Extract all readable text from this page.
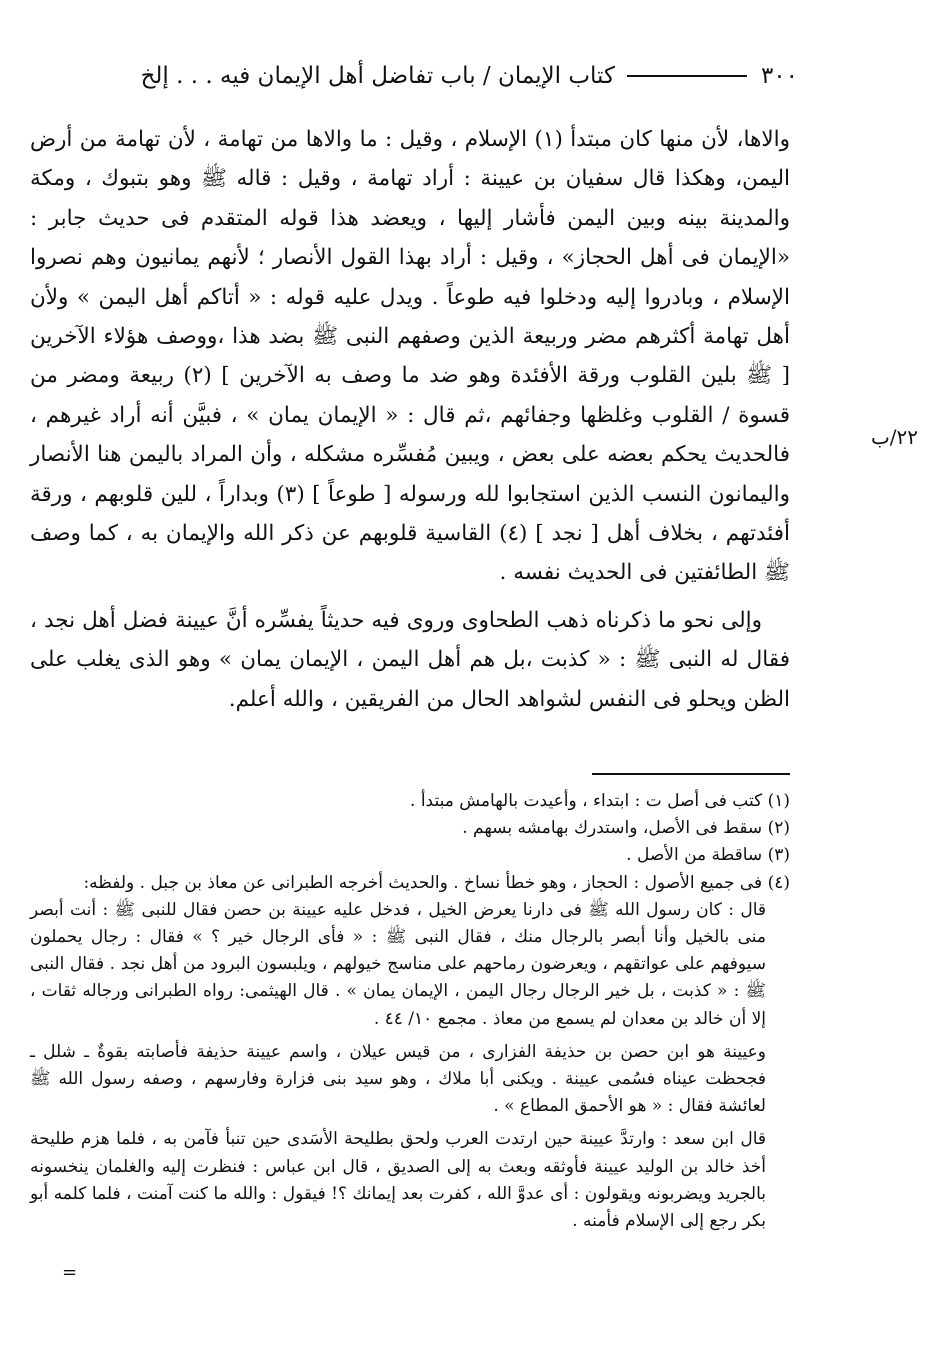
٣٠٠
كتاب الإيمان / باب تفاضل أهل الإيمان فيه . . . إلخ
٢٢/ب

والاها، لأن منها كان مبتدأ (١) الإسلام ، وقيل : ما والاها من تهامة ، لأن تهامة من أرض اليمن، وهكذا قال سفيان بن عيينة : أراد تهامة ، وقيل : قاله ﷺ وهو بتبوك ، ومكة والمدينة بينه وبين اليمن فأشار إليها ، ويعضد هذا قوله المتقدم فى حديث جابر : «الإيمان فى أهل الحجاز» ، وقيل : أراد بهذا القول الأنصار ؛ لأنهم يمانيون وهم نصروا الإسلام ، وبادروا إليه ودخلوا فيه طوعاً . ويدل عليه قوله : « أتاكم أهل اليمن » ولأن أهل تهامة أكثرهم مضر وربيعة الذين وصفهم النبى ﷺ بضد هذا ،ووصف هؤلاء الآخرين [ ﷺ بلين القلوب ورقة الأفئدة وهو ضد ما وصف به الآخرين ] (٢) ربيعة ومضر من قسوة / القلوب وغلظها وجفائهم ،ثم قال : « الإيمان يمان » ، فبيَّن أنه أراد غيرهم ، فالحديث يحكم بعضه على بعض ، ويبين مُفسِّره مشكله ، وأن المراد باليمن هنا الأنصار واليمانون النسب الذين استجابوا لله ورسوله [ طوعاً ] (٣) وبداراً ، للين قلوبهم ، ورقة أفئدتهم ، بخلاف أهل [ نجد ] (٤) القاسية قلوبهم عن ذكر الله والإيمان به ، كما وصف ﷺ الطائفتين فى الحديث نفسه .

وإلى نحو ما ذكرناه ذهب الطحاوى وروى فيه حديثاً يفسِّره أنَّ عيينة فضل أهل نجد ، فقال له النبى ﷺ : « كذبت ،بل هم أهل اليمن ، الإيمان يمان » وهو الذى يغلب على الظن ويحلو فى النفس لشواهد الحال من الفريقين ، والله أعلم.

(١) كتب فى أصل ت : ابتداء ، وأعيدت بالهامش مبتدأ .

(٢) سقط فى الأصل، واستدرك بهامشه بسهم .

(٣) ساقطة من الأصل .

(٤) فى جميع الأصول : الحجاز ، وهو خطأ نساخ . والحديث أخرجه الطبرانى عن معاذ بن جبل . ولفظه:

قال : كان رسول الله ﷺ فى دارنا يعرض الخيل ، فدخل عليه عيينة بن حصن فقال للنبى ﷺ : أنت أبصر منى بالخيل وأنا أبصر بالرجال منك ، فقال النبى ﷺ : « فأى الرجال خير ؟ » فقال : رجال يحملون سيوفهم على عواتقهم ، ويعرضون رماحهم على مناسج خيولهم ، ويلبسون البرود من أهل نجد . فقال النبى ﷺ : « كذبت ، بل خير الرجال رجال اليمن ، الإيمان يمان » . قال الهيثمى: رواه الطبرانى ورجاله ثقات ، إلا أن خالد بن معدان لم يسمع من معاذ . مجمع ١٠/ ٤٤ .

وعيينة هو ابن حصن بن حذيفة الفزارى ، من قيس عيلان ، واسم عيينة حذيفة فأصابته بقوةٌ ـ شلل ـ فجحظت عيناه فسُمى عيينة . ويكنى أبا ملاك ، وهو سيد بنى فزارة وفارسهم ، وصفه رسول الله ﷺ لعائشة فقال : « هو الأحمق المطاع » .

قال ابن سعد : وارتدَّ عيينة حين ارتدت العرب ولحق بطليحة الأسَدى حين تنبأ فآمن به ، فلما هزم طليحة أخذ خالد بن الوليد عيينة فأوثقه وبعث به إلى الصديق ، قال ابن عباس : فنظرت إليه والغلمان ينخسونه بالجريد ويضربونه ويقولون : أى عدوَّ الله ، كفرت بعد إيمانك ؟! فيقول : والله ما كنت آمنت ، فلما كلمه أبو بكر رجع إلى الإسلام فأمنه .

=
